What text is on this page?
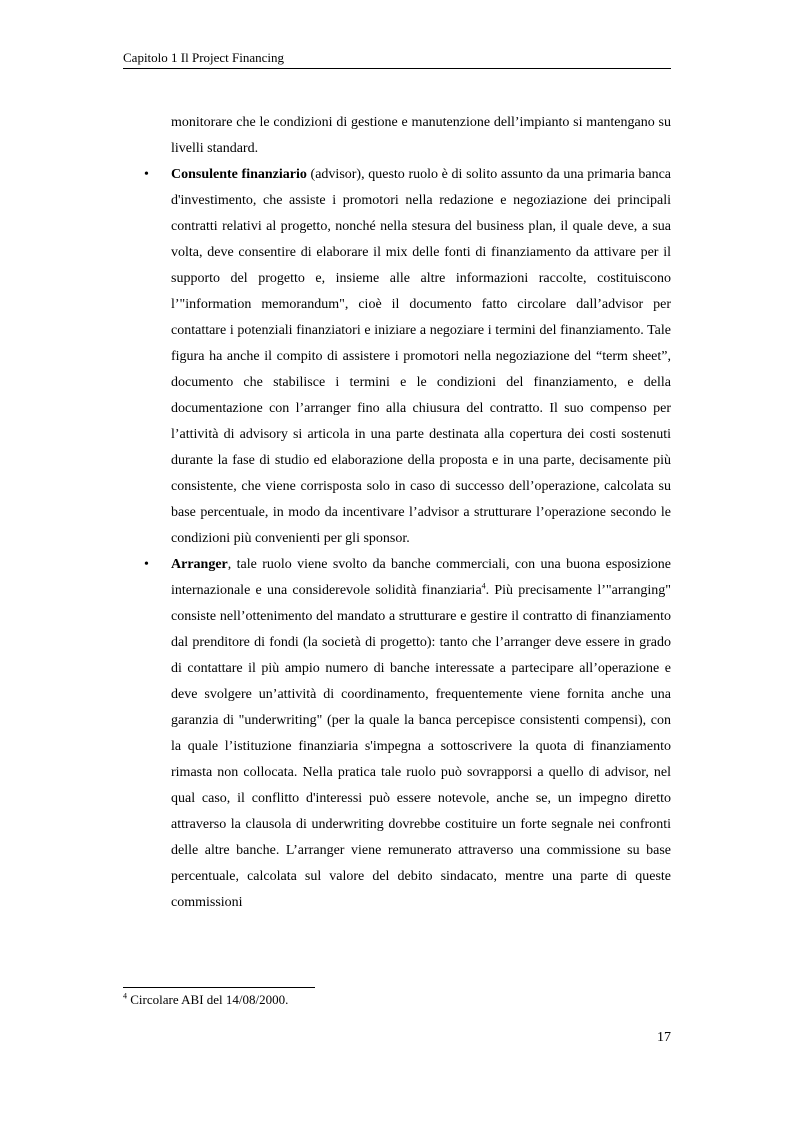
Capitolo 1 Il Project Financing

monitorare che le condizioni di gestione e manutenzione dell’impianto si mantengano su livelli standard.

• Consulente finanziario (advisor), questo ruolo è di solito assunto da una primaria banca d'investimento, che assiste i promotori nella redazione e negoziazione dei principali contratti relativi al progetto, nonché nella stesura del business plan, il quale deve, a sua volta, deve consentire di elaborare il mix delle fonti di finanziamento da attivare per il supporto del progetto e, insieme alle altre informazioni raccolte, costituiscono l’"information memorandum", cioè il documento fatto circolare dall’advisor per contattare i potenziali finanziatori e iniziare a negoziare i termini del finanziamento. Tale figura ha anche il compito di assistere i promotori nella negoziazione del “term sheet”, documento che stabilisce i termini e le condizioni del finanziamento, e della documentazione con l’arranger fino alla chiusura del contratto. Il suo compenso per l’attività di advisory si articola in una parte destinata alla copertura dei costi sostenuti durante la fase di studio ed elaborazione della proposta e in una parte, decisamente più consistente, che viene corrisposta solo in caso di successo dell’operazione, calcolata su base percentuale, in modo da incentivare l’advisor a strutturare l’operazione secondo le condizioni più convenienti per gli sponsor.

• Arranger, tale ruolo viene svolto da banche commerciali, con una buona esposizione internazionale e una considerevole solidità finanziaria$^4$. Più precisamente l’"arranging" consiste nell’ottenimento del mandato a strutturare e gestire il contratto di finanziamento dal prenditore di fondi (la società di progetto): tanto che l’arranger deve essere in grado di contattare il più ampio numero di banche interessate a partecipare all’operazione e deve svolgere un’attività di coordinamento, frequentemente viene fornita anche una garanzia di "underwriting" (per la quale la banca percepisce consistenti compensi), con la quale l’istituzione finanziaria s'impegna a sottoscrivere la quota di finanziamento rimasta non collocata. Nella pratica tale ruolo può sovrapporsi a quello di advisor, nel qual caso, il conflitto d'interessi può essere notevole, anche se, un impegno diretto attraverso la clausola di underwriting dovrebbe costituire un forte segnale nei confronti delle altre banche. L’arranger viene remunerato attraverso una commissione su base percentuale, calcolata sul valore del debito sindacato, mentre una parte di queste commissioni

$^4$ Circolare ABI del 14/08/2000.
17
